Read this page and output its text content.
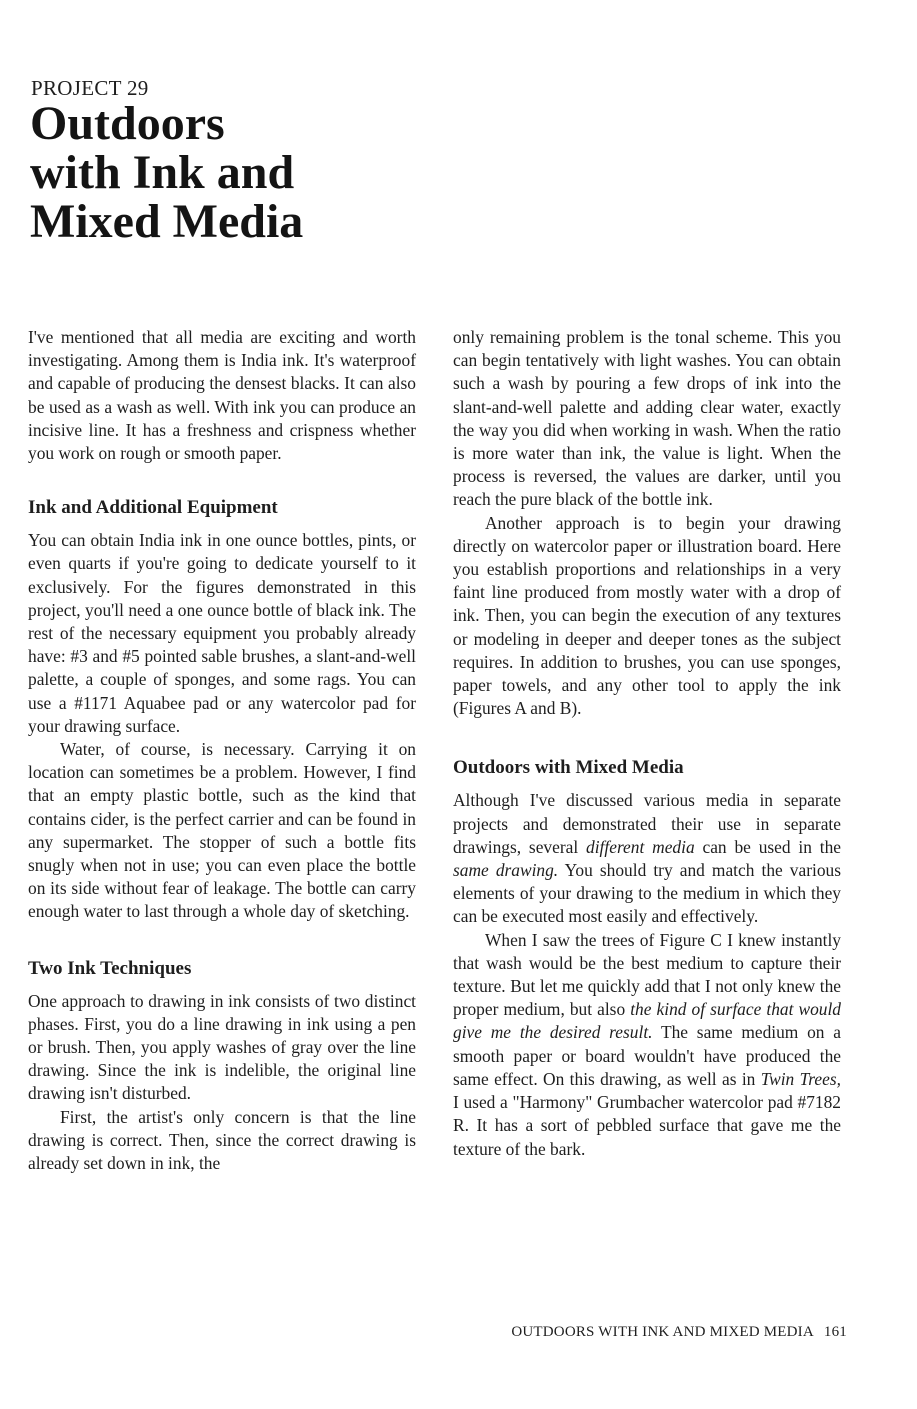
PROJECT 29
Outdoors
with Ink and
Mixed Media

I've mentioned that all media are exciting and worth investigating. Among them is India ink. It's waterproof and capable of producing the densest blacks. It can also be used as a wash as well. With ink you can produce an incisive line. It has a freshness and crispness whether you work on rough or smooth paper.

Ink and Additional Equipment

You can obtain India ink in one ounce bottles, pints, or even quarts if you're going to dedicate yourself to it exclusively. For the figures demonstrated in this project, you'll need a one ounce bottle of black ink. The rest of the necessary equipment you probably already have: #3 and #5 pointed sable brushes, a slant-and-well palette, a couple of sponges, and some rags. You can use a #1171 Aquabee pad or any watercolor pad for your drawing surface.

Water, of course, is necessary. Carrying it on location can sometimes be a problem. However, I find that an empty plastic bottle, such as the kind that contains cider, is the perfect carrier and can be found in any supermarket. The stopper of such a bottle fits snugly when not in use; you can even place the bottle on its side without fear of leakage. The bottle can carry enough water to last through a whole day of sketching.

Two Ink Techniques

One approach to drawing in ink consists of two distinct phases. First, you do a line drawing in ink using a pen or brush. Then, you apply washes of gray over the line drawing. Since the ink is indelible, the original line drawing isn't disturbed.

First, the artist's only concern is that the line drawing is correct. Then, since the correct drawing is already set down in ink, the

only remaining problem is the tonal scheme. This you can begin tentatively with light washes. You can obtain such a wash by pouring a few drops of ink into the slant-and-well palette and adding clear water, exactly the way you did when working in wash. When the ratio is more water than ink, the value is light. When the process is reversed, the values are darker, until you reach the pure black of the bottle ink.

Another approach is to begin your drawing directly on watercolor paper or illustration board. Here you establish proportions and relationships in a very faint line produced from mostly water with a drop of ink. Then, you can begin the execution of any textures or modeling in deeper and deeper tones as the subject requires. In addition to brushes, you can use sponges, paper towels, and any other tool to apply the ink (Figures A and B).

Outdoors with Mixed Media

Although I've discussed various media in separate projects and demonstrated their use in separate drawings, several different media can be used in the same drawing. You should try and match the various elements of your drawing to the medium in which they can be executed most easily and effectively.

When I saw the trees of Figure C I knew instantly that wash would be the best medium to capture their texture. But let me quickly add that I not only knew the proper medium, but also the kind of surface that would give me the desired result. The same medium on a smooth paper or board wouldn't have produced the same effect. On this drawing, as well as in Twin Trees, I used a "Harmony" Grumbacher watercolor pad #7182 R. It has a sort of pebbled surface that gave me the texture of the bark.

OUTDOORS WITH INK AND MIXED MEDIA 161
